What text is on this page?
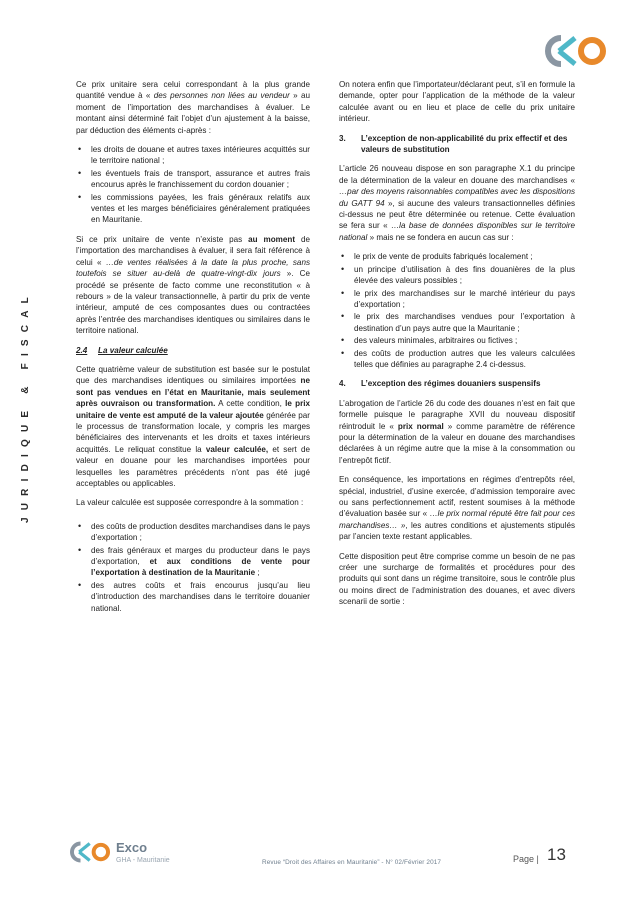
JURIDIQUE & FISCAL

Ce prix unitaire sera celui correspondant à la plus grande quantité vendue à « des personnes non liées au vendeur » au moment de l’importation des marchandises à évaluer. Le montant ainsi déterminé fait l’objet d’un ajustement à la baisse, par déduction des éléments ci-après :

• les droits de douane et autres taxes intérieures acquittés sur le territoire national ;
• les éventuels frais de transport, assurance et autres frais encourus après le franchissement du cordon douanier ;
• les commissions payées, les frais généraux relatifs aux ventes et les marges bénéficiaires généralement pratiquées en Mauritanie.

Si ce prix unitaire de vente n’existe pas au moment de l’importation des marchandises à évaluer, il sera fait référence à celui « …de ventes réalisées à la date la plus proche, sans toutefois se situer au-delà de quatre-vingt-dix jours ». Ce procédé se présente de facto comme une reconstitution « à rebours » de la valeur transactionnelle, à partir du prix de vente intérieur, amputé de ces composantes dues ou contractées après l’entrée des marchandises identiques ou similaires dans le territoire national.

2.4	La valeur calculée

Cette quatrième valeur de substitution est basée sur le postulat que des marchandises identiques ou similaires importées ne sont pas vendues en l’état en Mauritanie, mais seulement après ouvraison ou transformation. A cette condition, le prix unitaire de vente est amputé de la valeur ajoutée générée par le processus de transformation locale, y compris les marges bénéficiaires des intervenants et les droits et taxes intérieurs acquittés. Le reliquat constitue la valeur calculée, et sert de valeur en douane pour les marchandises importées pour lesquelles les paramètres précédents n’ont pas été jugé acceptables ou applicables.

La valeur calculée est supposée correspondre à la sommation :

• des coûts de production desdites marchandises dans le pays d’exportation ;
• des frais généraux et marges du producteur dans le pays d’exportation, et aux conditions de vente pour l’exportation à destination de la Mauritanie ;
• des autres coûts et frais encourus jusqu’au lieu d’introduction des marchandises dans le territoire douanier national.

On notera enfin que l’importateur/déclarant peut, s’il en formule la demande, opter pour l’application de la méthode de la valeur calculée avant ou en lieu et place de celle du prix unitaire intérieur.

3.	L’exception de non-applicabilité du prix effectif et des valeurs de substitution

L’article 26 nouveau dispose en son paragraphe X.1 du principe de la détermination de la valeur en douane des marchandises « …par des moyens raisonnables compatibles avec les dispositions du GATT 94 », si aucune des valeurs transactionnelles définies ci-dessus ne peut être déterminée ou retenue. Cette évaluation se fera sur « …la base de données disponibles sur le territoire national » mais ne se fondera en aucun cas sur :

• le prix de vente de produits fabriqués localement ;
• un principe d’utilisation à des fins douanières de la plus élevée des valeurs possibles ;
• le prix des marchandises sur le marché intérieur du pays d’exportation ;
• le prix des marchandises vendues pour l’exportation à destination d’un pays autre que la Mauritanie ;
• des valeurs minimales, arbitraires ou fictives ;
• des coûts de production autres que les valeurs calculées telles que définies au paragraphe 2.4 ci-dessus.
4.	L’exception des régimes douaniers suspensifs

L’abrogation de l’article 26 du code des douanes n’est en fait que formelle puisque le paragraphe XVII du nouveau dispositif réintroduit le « prix normal » comme paramètre de référence pour la détermination de la valeur en douane des marchandises déclarées à un régime autre que la mise à la consommation ou l’entrepôt fictif.

En conséquence, les importations en régimes d’entrepôts réel, spécial, industriel, d’usine exercée, d’admission temporaire avec ou sans perfectionnement actif, restent soumises à la méthode d’évaluation basée sur « …le prix normal réputé être fait pour ces marchandises… », les autres conditions et ajustements stipulés par l’ancien texte restant applicables.

Cette disposition peut être comprise comme un besoin de ne pas créer une surcharge de formalités et procédures pour des produits qui sont dans un régime transitoire, sous le contrôle plus ou moins direct de l’administration des douanes, et avec divers scenarii de sortie :

Exco
GHA - Mauritanie	Revue “Droit des Affaires en Mauritanie” - N° 02/Février 2017	Page | 13
